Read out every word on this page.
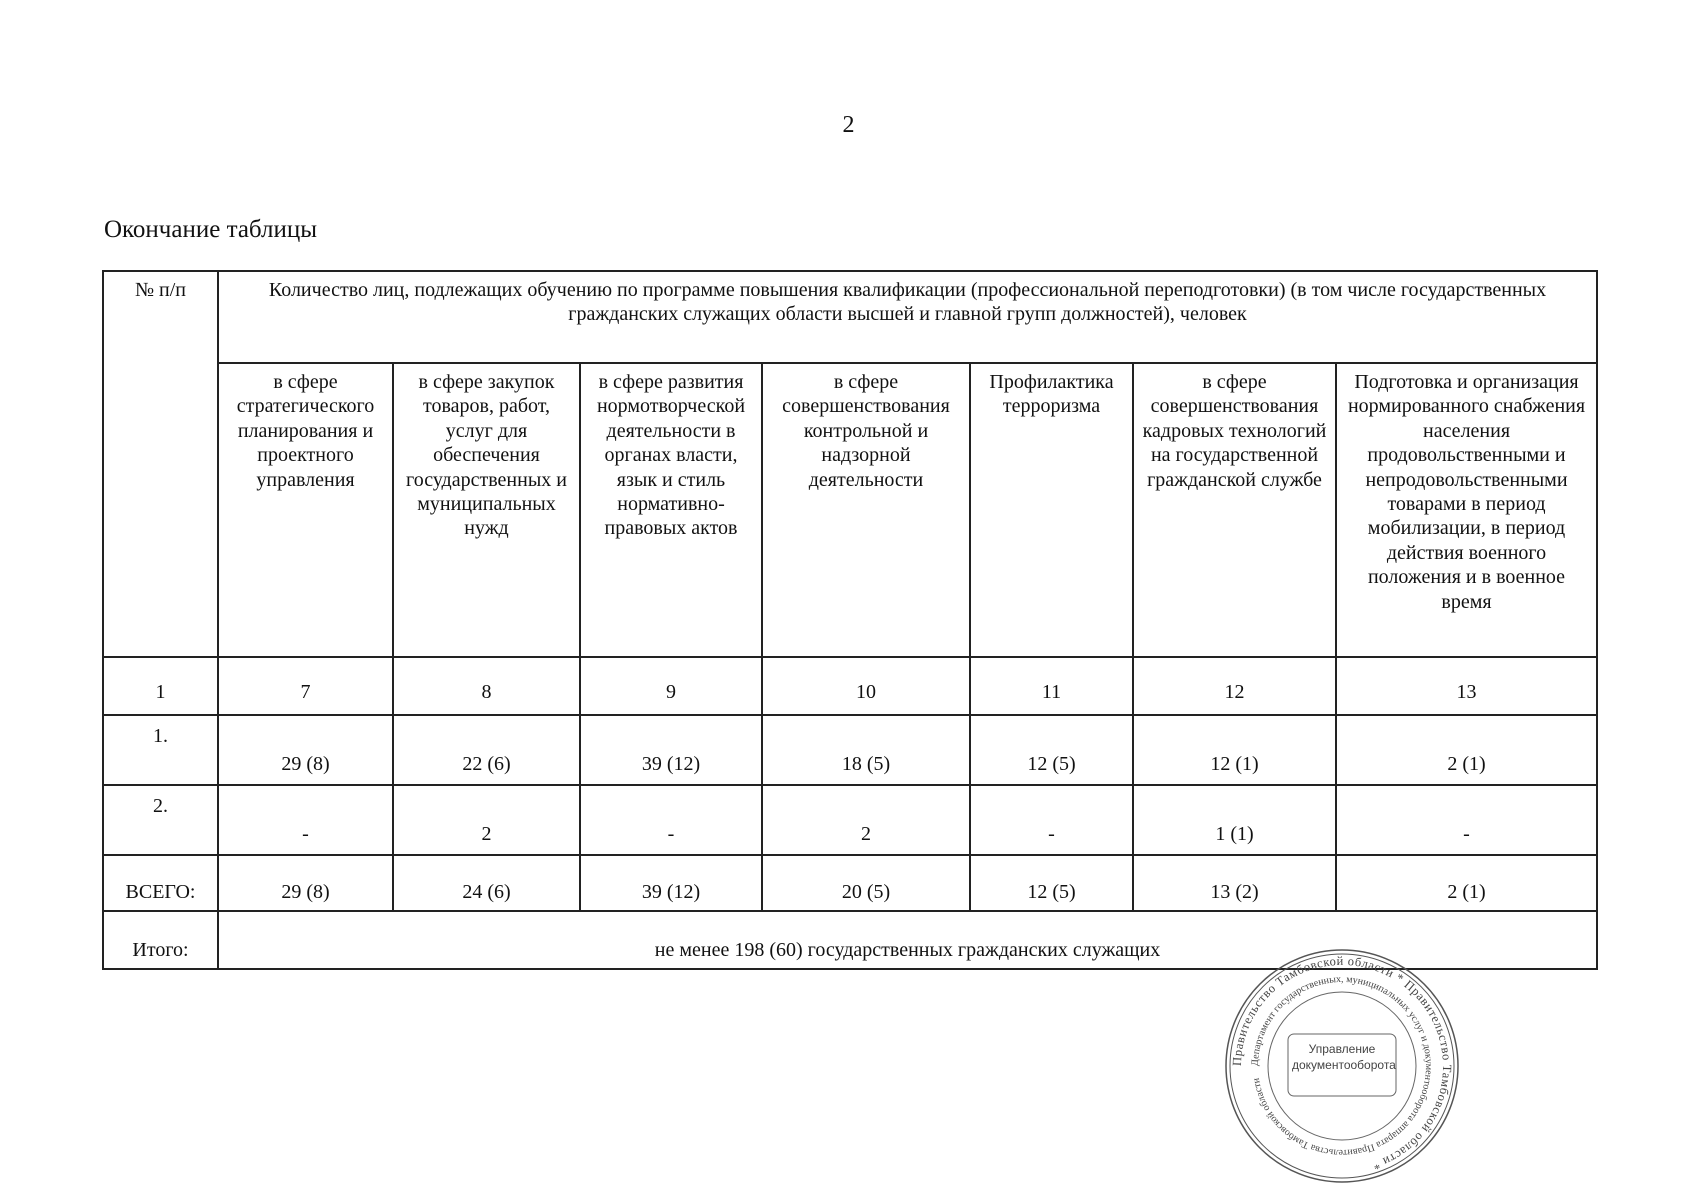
2
Окончание таблицы
№ п/п	Количество лиц, подлежащих обучению по программе повышения квалификации (профессиональной переподготовки) (в том числе государственных гражданских служащих области высшей и главной групп должностей), человек						
	в сфере стратегического планирования и проектного управления	в сфере закупок товаров, работ, услуг для обеспечения государственных и муниципальных нужд	в сфере развития нормотворческой деятельности в органах власти, язык и стиль нормативно-правовых актов	в сфере совершенствования контрольной и надзорной деятельности	Профилактика терроризма	в сфере совершенствования кадровых технологий на государственной гражданской службе	Подготовка и организация нормированного снабжения населения продовольственными и непродовольственными товарами в период мобилизации, в период действия военного положения и в военное время
1	7	8	9	10	11	12	13
1.	29 (8)	22 (6)	39 (12)	18 (5)	12 (5)	12 (1)	2 (1)
2.	-	2	-	2	-	1 (1)	-
ВСЕГО:	29 (8)	24 (6)	39 (12)	20 (5)	12 (5)	13 (2)	2 (1)
Итого:	не менее 198 (60) государственных гражданских служащих						
Правительство Тамбовской области * Правительство Тамбовской области *
Департамент государственных, муниципальных услуг и документооборота аппарата Правительства Тамбовской области
Управление
документооборота
